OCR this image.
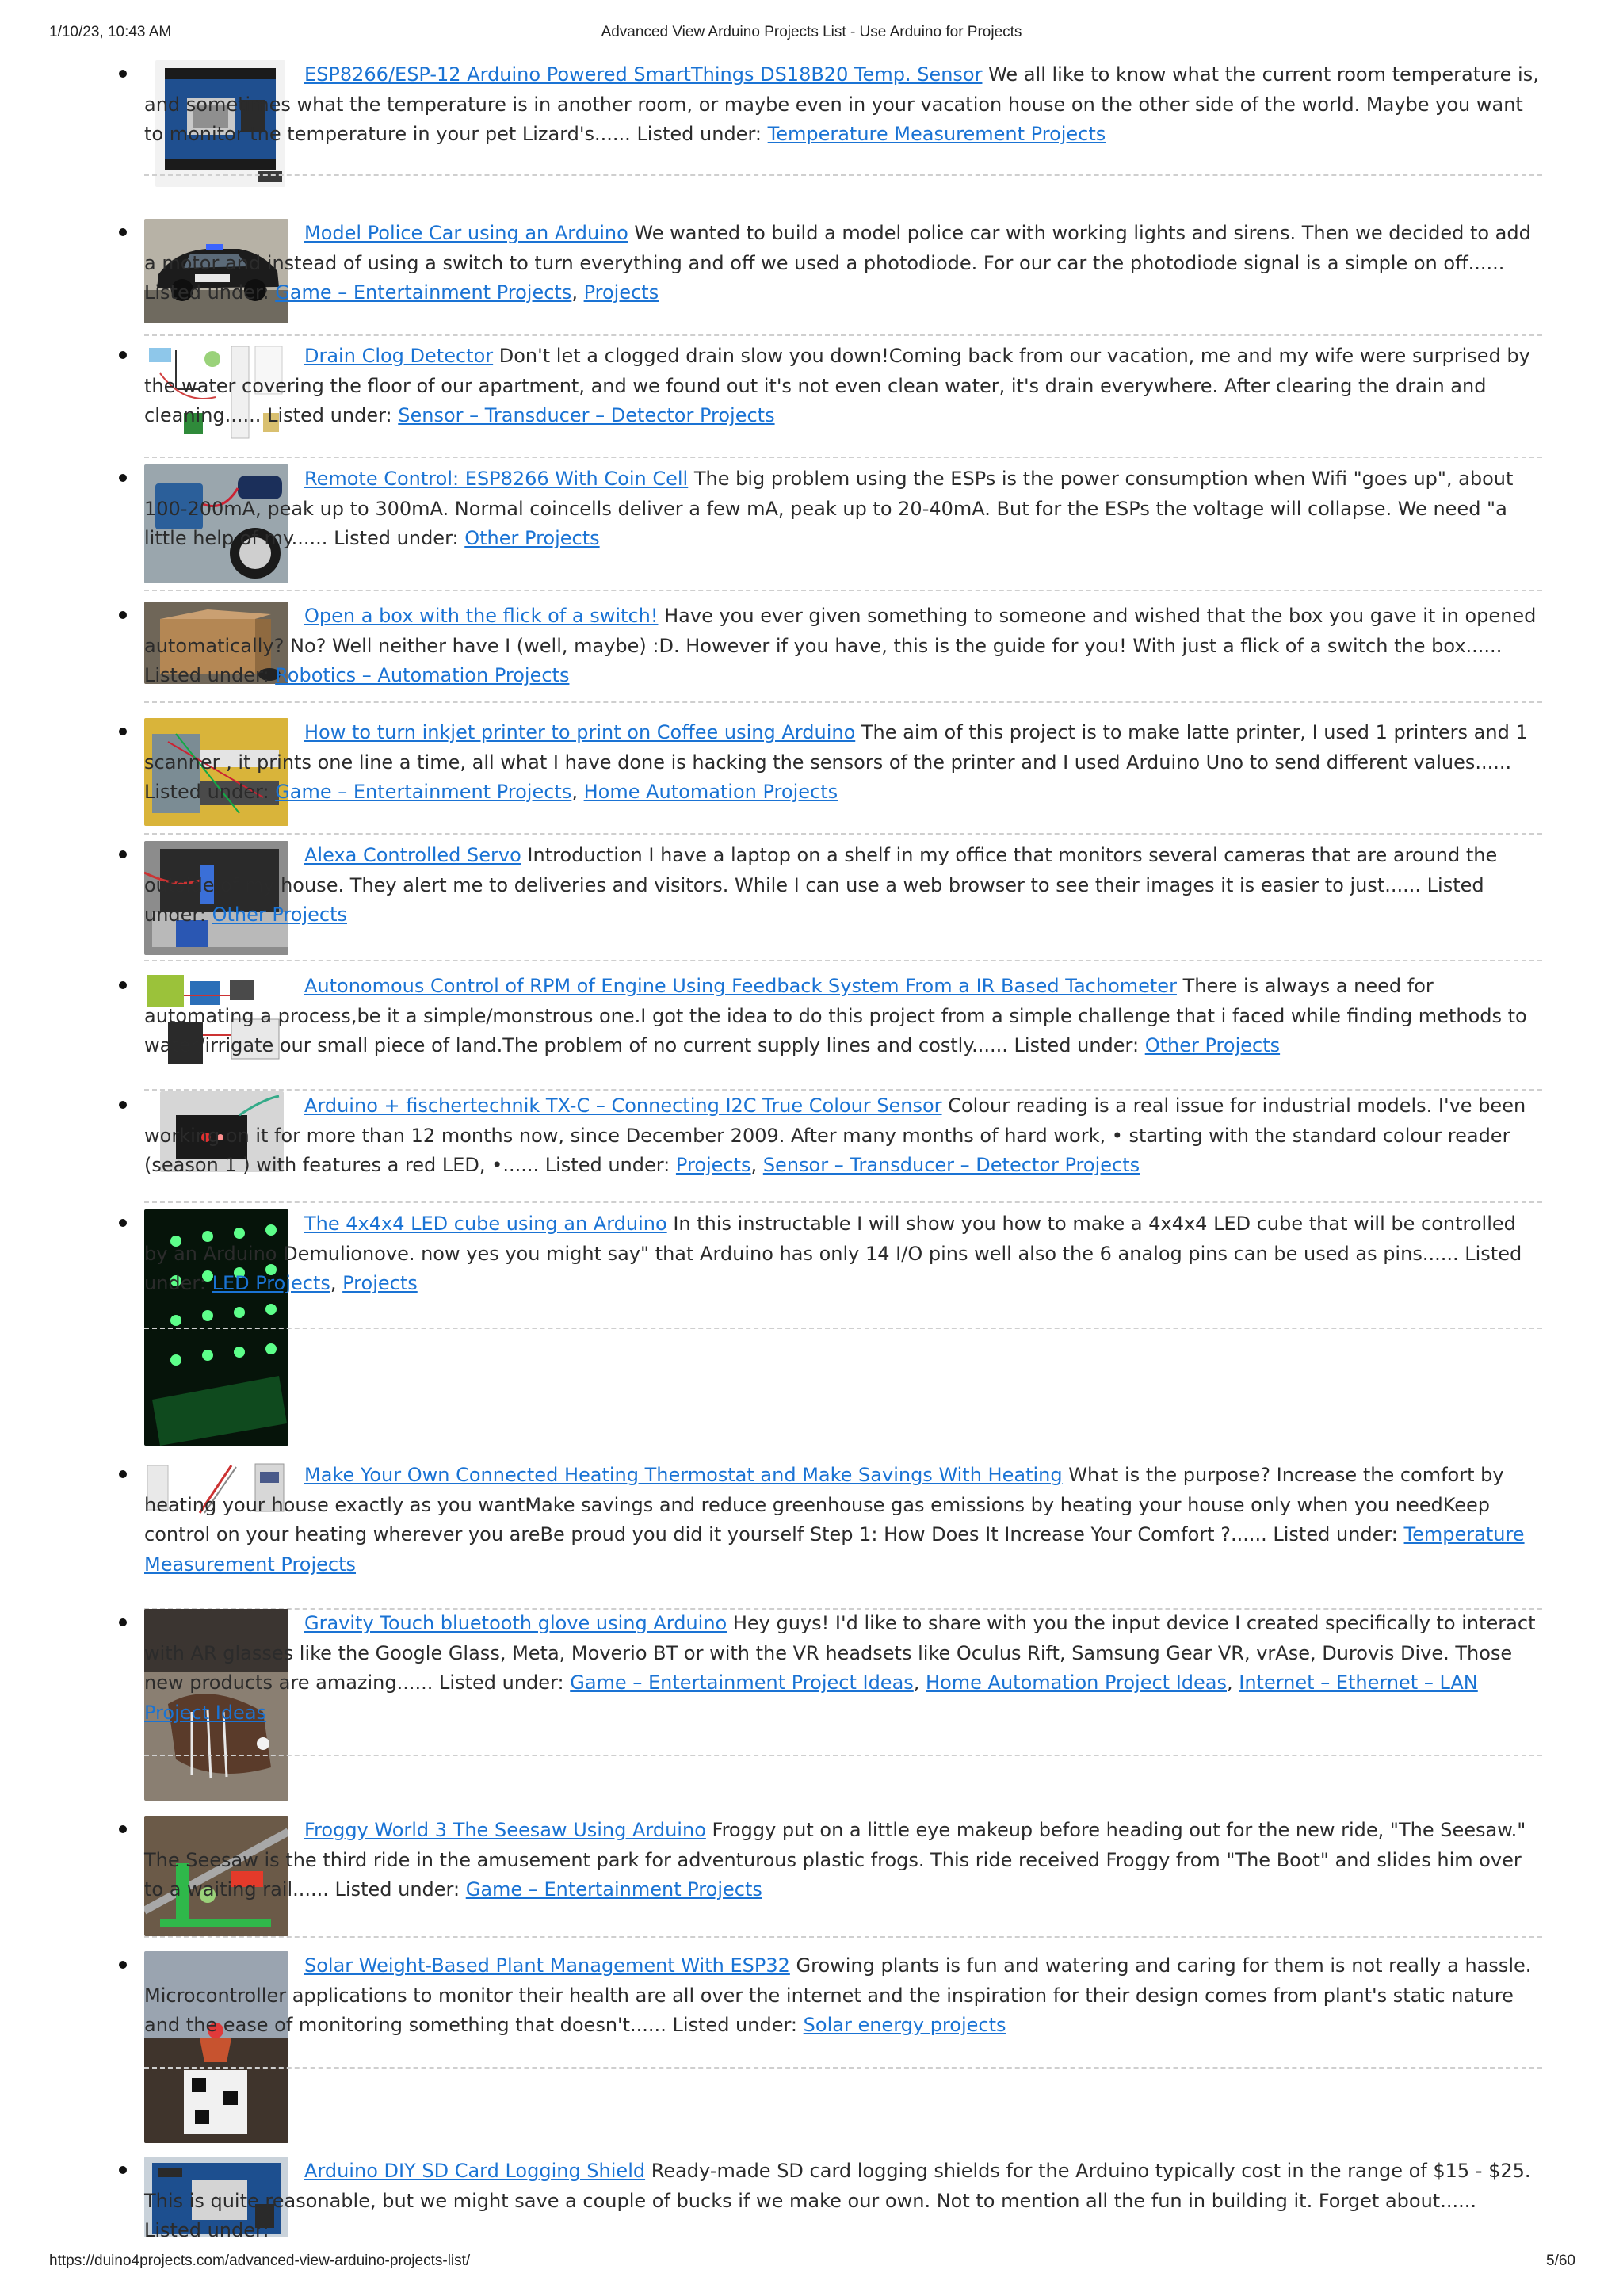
1/10/23, 10:43 AM	Advanced View Arduino Projects List - Use Arduino for Projects

ESP8266/ESP-12 Arduino Powered SmartThings DS18B20 Temp. Sensor We all like to know what the current room temperature is, and sometimes what the temperature is in another room, or maybe even in your vacation house on the other side of the world. Maybe you want to monitor the temperature in your pet Lizard's...... Listed under: Temperature Measurement Projects

Model Police Car using an Arduino We wanted to build a model police car with working lights and sirens. Then we decided to add a motor and instead of using a switch to turn everything and off we used a photodiode. For our car the photodiode signal is a simple on off...... Listed under: Game – Entertainment Projects, Projects

Drain Clog Detector Don't let a clogged drain slow you down!Coming back from our vacation, me and my wife were surprised by the water covering the floor of our apartment, and we found out it's not even clean water, it's drain everywhere. After clearing the drain and cleaning...... Listed under: Sensor – Transducer – Detector Projects

Remote Control: ESP8266 With Coin Cell The big problem using the ESPs is the power consumption when Wifi "goes up", about 100-200mA, peak up to 300mA. Normal coincells deliver a few mA, peak up to 20-40mA. But for the ESPs the voltage will collapse. We need "a little help of my...... Listed under: Other Projects

Open a box with the flick of a switch! Have you ever given something to someone and wished that the box you gave it in opened automatically? No? Well neither have I (well, maybe) :D. However if you have, this is the guide for you! With just a flick of a switch the box...... Listed under: Robotics – Automation Projects

How to turn inkjet printer to print on Coffee using Arduino The aim of this project is to make latte printer, I used 1 printers and 1 scanner , it prints one line a time, all what I have done is hacking the sensors of the printer and I used Arduino Uno to send different values...... Listed under: Game – Entertainment Projects, Home Automation Projects

Alexa Controlled Servo Introduction I have a laptop on a shelf in my office that monitors several cameras that are around the outside of my house. They alert me to deliveries and visitors. While I can use a web browser to see their images it is easier to just...... Listed under: Other Projects

Autonomous Control of RPM of Engine Using Feedback System From a IR Based Tachometer There is always a need for automating a process,be it a simple/monstrous one.I got the idea to do this project from a simple challenge that i faced while finding methods to water/irrigate our small piece of land.The problem of no current supply lines and costly...... Listed under: Other Projects

Arduino + fischertechnik TX-C – Connecting I2C True Colour Sensor Colour reading is a real issue for industrial models. I've been working on it for more than 12 months now, since December 2009. After many months of hard work, • starting with the standard colour reader (season 1 ) with features a red LED, •...... Listed under: Projects, Sensor – Transducer – Detector Projects

The 4x4x4 LED cube using an Arduino In this instructable I will show you how to make a 4x4x4 LED cube that will be controlled by an Arduino Demulionove. now yes you might say" that Arduino has only 14 I/O pins well also the 6 analog pins can be used as pins...... Listed under: LED Projects, Projects

Make Your Own Connected Heating Thermostat and Make Savings With Heating What is the purpose? Increase the comfort by heating your house exactly as you wantMake savings and reduce greenhouse gas emissions by heating your house only when you needKeep control on your heating wherever you areBe proud you did it yourself Step 1: How Does It Increase Your Comfort ?...... Listed under: Temperature Measurement Projects

Gravity Touch bluetooth glove using Arduino Hey guys! I'd like to share with you the input device I created specifically to interact with AR glasses like the Google Glass, Meta, Moverio BT or with the VR headsets like Oculus Rift, Samsung Gear VR, vrAse, Durovis Dive. Those new products are amazing...... Listed under: Game – Entertainment Project Ideas, Home Automation Project Ideas, Internet – Ethernet – LAN Project Ideas

Froggy World 3 The Seesaw Using Arduino Froggy put on a little eye makeup before heading out for the new ride, "The Seesaw." The Seesaw is the third ride in the amusement park for adventurous plastic frogs. This ride received Froggy from "The Boot" and slides him over to a waiting rail...... Listed under: Game – Entertainment Projects

Solar Weight-Based Plant Management With ESP32 Growing plants is fun and watering and caring for them is not really a hassle. Microcontroller applications to monitor their health are all over the internet and the inspiration for their design comes from plant's static nature and the ease of monitoring something that doesn't...... Listed under: Solar energy projects

Arduino DIY SD Card Logging Shield Ready-made SD card logging shields for the Arduino typically cost in the range of $15 - $25. This is quite reasonable, but we might save a couple of bucks if we make our own. Not to mention all the fun in building it. Forget about...... Listed under:

https://duino4projects.com/advanced-view-arduino-projects-list/	5/60
